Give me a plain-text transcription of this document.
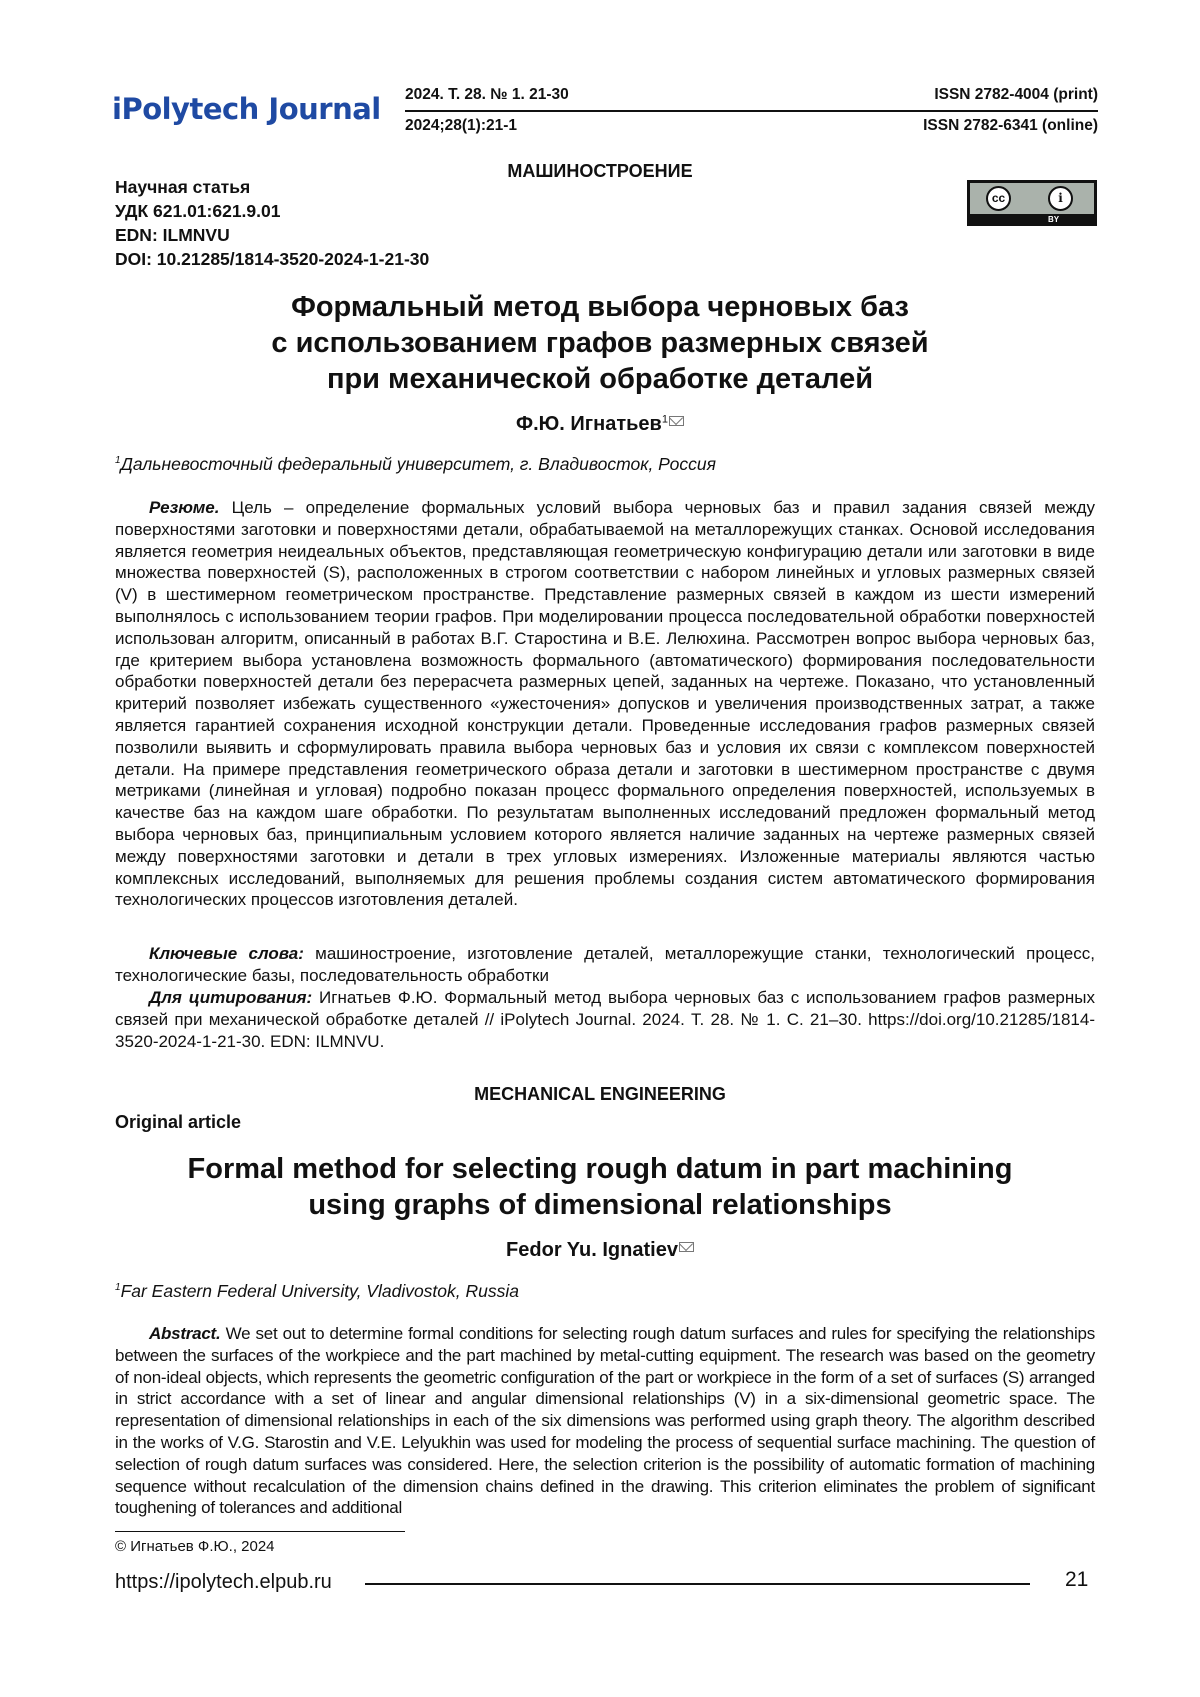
iPolytech Journal 2024. Т. 28. № 1. 21-30	ISSN 2782-4004 (print)
2024;28(1):21-1	ISSN 2782-6341 (online)
МАШИНОСТРОЕНИЕ
Научная статья
УДК 621.01:621.9.01
EDN: ILMNVU
DOI: 10.21285/1814-3520-2024-1-21-30
cc	i
BY
Формальный метод выбора черновых баз
с использованием графов размерных связей
при механической обработке деталей
Ф.Ю. Игнатьев$^1$
$^1$Дальневосточный федеральный университет, г. Владивосток, Россия
Резюме. Цель – определение формальных условий выбора черновых баз и правил задания связей между поверхностями заготовки и поверхностями детали, обрабатываемой на металлорежущих станках. Основой исследования является геометрия неидеальных объектов, представляющая геометрическую конфигурацию детали или заготовки в виде множества поверхностей (S), расположенных в строгом соответствии с набором линейных и угловых размерных связей (V) в шестимерном геометрическом пространстве. Представление размерных связей в каждом из шести измерений выполнялось с использованием теории графов. При моделировании процесса последовательной обработки поверхностей использован алгоритм, описанный в работах В.Г. Старостина и В.Е. Лелюхина. Рассмотрен вопрос выбора черновых баз, где критерием выбора установлена возможность формального (автоматического) формирования последовательности обработки поверхностей детали без перерасчета размерных цепей, заданных на чертеже. Показано, что установленный критерий позволяет избежать существенного «ужесточения» допусков и увеличения производственных затрат, а также является гарантией сохранения исходной конструкции детали. Проведенные исследования графов размерных связей позволили выявить и сформулировать правила выбора черновых баз и условия их связи с комплексом поверхностей детали. На примере представления геометрического образа детали и заготовки в шестимерном пространстве с двумя метриками (линейная и угловая) подробно показан процесс формального определения поверхностей, используемых в качестве баз на каждом шаге обработки. По результатам выполненных исследований предложен формальный метод выбора черновых баз, принципиальным условием которого является наличие заданных на чертеже размерных связей между поверхностями заготовки и детали в трех угловых измерениях. Изложенные материалы являются частью комплексных исследований, выполняемых для решения проблемы создания систем автоматического формирования технологических процессов изготовления деталей.
Ключевые слова: машиностроение, изготовление деталей, металлорежущие станки, технологический процесс, технологические базы, последовательность обработки
Для цитирования: Игнатьев Ф.Ю. Формальный метод выбора черновых баз с использованием графов размерных связей при механической обработке деталей // iPolytech Journal. 2024. Т. 28. № 1. С. 21–30. https://doi.org/10.21285/1814-3520-2024-1-21-30. EDN: ILMNVU.
MECHANICAL ENGINEERING
Original article
Formal method for selecting rough datum in part machining
using graphs of dimensional relationships
Fedor Yu. Ignatiev
$^1$Far Eastern Federal University, Vladivostok, Russia
Abstract. We set out to determine formal conditions for selecting rough datum surfaces and rules for specifying the relationships between the surfaces of the workpiece and the part machined by metal-cutting equipment. The research was based on the geometry of non-ideal objects, which represents the geometric configuration of the part or workpiece in the form of a set of surfaces (S) arranged in strict accordance with a set of linear and angular dimensional relationships (V) in a six-dimensional geometric space. The representation of dimensional relationships in each of the six dimensions was performed using graph theory. The algorithm described in the works of V.G. Starostin and V.E. Lelyukhin was used for modeling the process of sequential surface machining. The question of selection of rough datum surfaces was considered. Here, the selection criterion is the possibility of automatic formation of machining sequence without recalculation of the dimension chains defined in the drawing. This criterion eliminates the problem of significant toughening of tolerances and additional
© Игнатьев Ф.Ю., 2024
https://ipolytech.elpub.ru	21
